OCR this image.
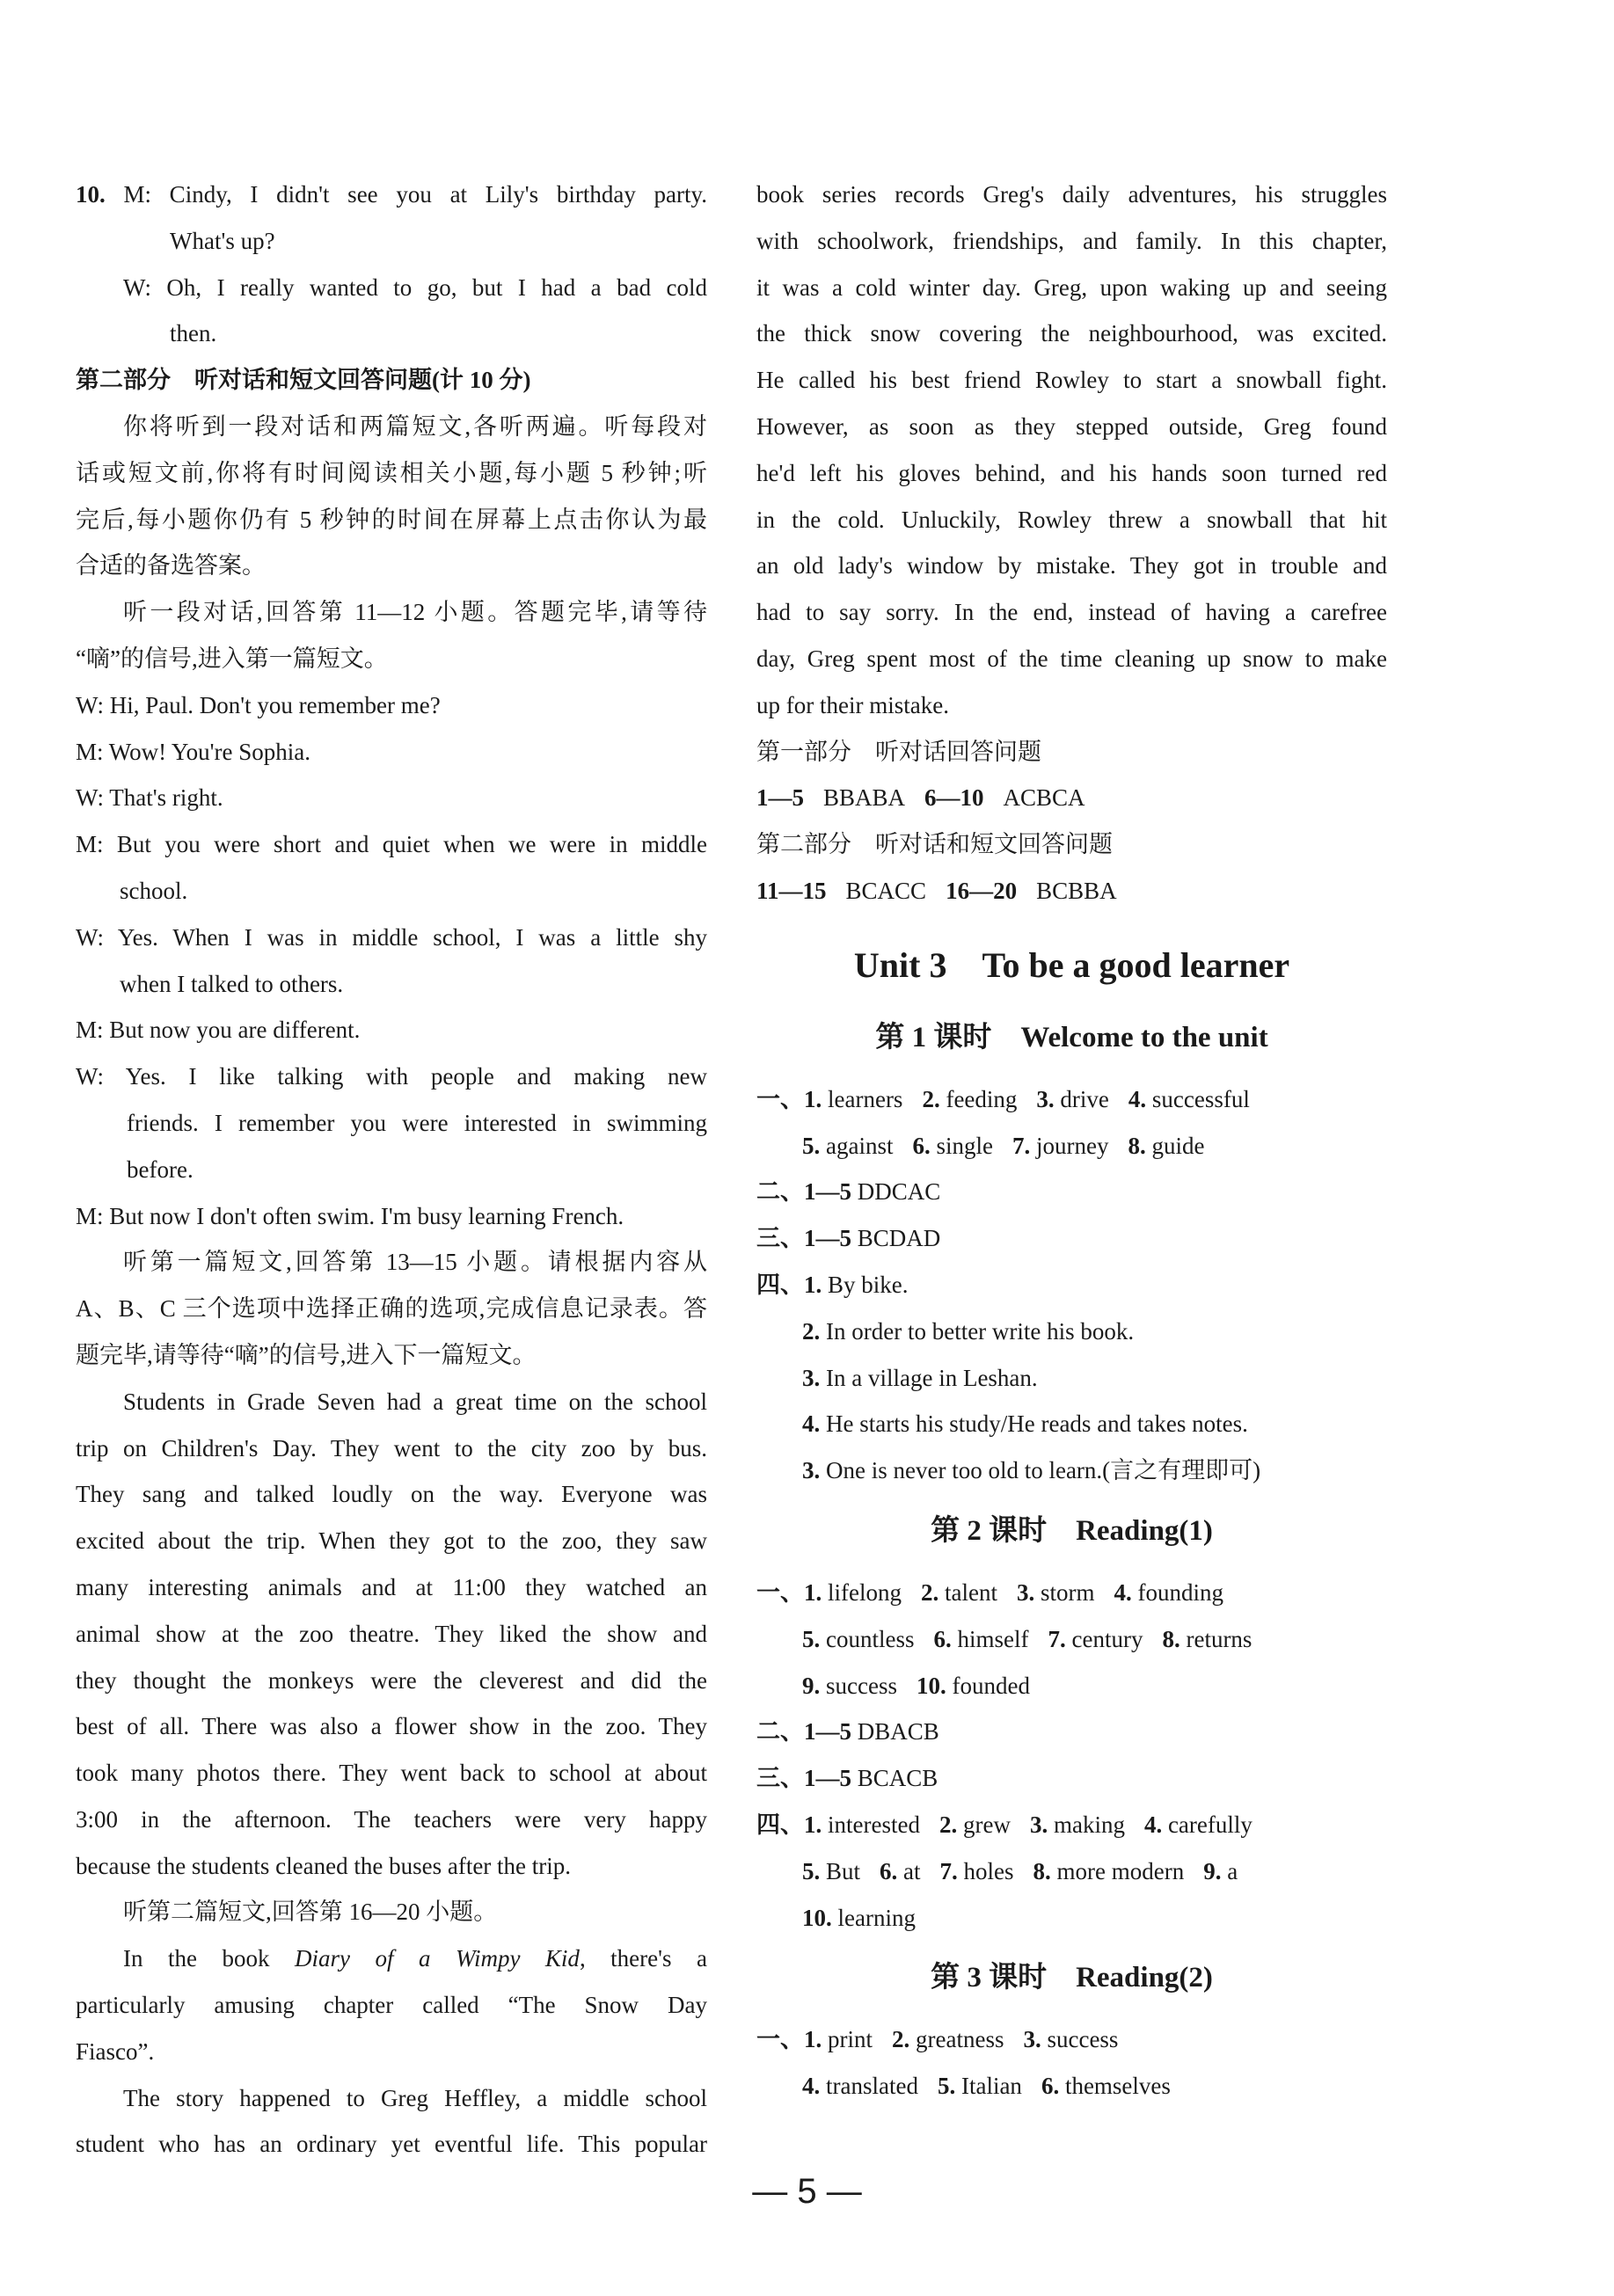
10. M: Cindy, I didn't see you at Lily's birthday party.

What's up?

W: Oh, I really wanted to go, but I had a bad cold

then.

第二部分　听对话和短文回答问题(计 10 分)

你将听到一段对话和两篇短文,各听两遍。听每段对

话或短文前,你将有时间阅读相关小题,每小题 5 秒钟;听

完后,每小题你仍有 5 秒钟的时间在屏幕上点击你认为最

合适的备选答案。

听一段对话,回答第 11—12 小题。答题完毕,请等待

“嘀”的信号,进入第一篇短文。

W: Hi, Paul. Don't you remember me?

M: Wow! You're Sophia.

W: That's right.

M: But you were short and quiet when we were in middle

school.

W: Yes. When I was in middle school, I was a little shy

when I talked to others.

M: But now you are different.

W: Yes. I like talking with people and making new

friends. I remember you were interested in swimming

before.

M: But now I don't often swim. I'm busy learning French.

听第一篇短文,回答第 13—15 小题。请根据内容从

A、B、C 三个选项中选择正确的选项,完成信息记录表。答

题完毕,请等待“嘀”的信号,进入下一篇短文。

Students in Grade Seven had a great time on the school

trip on Children's Day. They went to the city zoo by bus.

They sang and talked loudly on the way. Everyone was

excited about the trip. When they got to the zoo, they saw

many interesting animals and at 11:00 they watched an

animal show at the zoo theatre. They liked the show and

they thought the monkeys were the cleverest and did the

best of all. There was also a flower show in the zoo. They

took many photos there. They went back to school at about

3:00 in the afternoon. The teachers were very happy

because the students cleaned the buses after the trip.

听第二篇短文,回答第 16—20 小题。

In the book Diary of a Wimpy Kid, there's a

particularly amusing chapter called “The Snow Day

Fiasco”.

The story happened to Greg Heffley, a middle school

student who has an ordinary yet eventful life. This popular

book series records Greg's daily adventures, his struggles

with schoolwork, friendships, and family. In this chapter,

it was a cold winter day. Greg, upon waking up and seeing

the thick snow covering the neighbourhood, was excited.

He called his best friend Rowley to start a snowball fight.

However, as soon as they stepped outside, Greg found

he'd left his gloves behind, and his hands soon turned red

in the cold. Unluckily, Rowley threw a snowball that hit

an old lady's window by mistake. They got in trouble and

had to say sorry. In the end, instead of having a carefree

day, Greg spent most of the time cleaning up snow to make

up for their mistake.

第一部分　听对话回答问题

1—5 BBABA 6—10 ACBCA

第二部分　听对话和短文回答问题

11—15 BCACC 16—20 BCBBA

Unit 3　To be a good learner
第 1 课时　Welcome to the unit

一、1. learners 2. feeding 3. drive 4. successful

5. against 6. single 7. journey 8. guide

二、1—5 DDCAC

三、1—5 BCDAD

四、1. By bike.

2. In order to better write his book.

3. In a village in Leshan.

4. He starts his study/He reads and takes notes.

3. One is never too old to learn.(言之有理即可)

第 2 课时　Reading(1)

一、1. lifelong 2. talent 3. storm 4. founding

5. countless 6. himself 7. century 8. returns

9. success 10. founded

二、1—5 DBACB

三、1—5 BCACB

四、1. interested 2. grew 3. making 4. carefully

5. But 6. at 7. holes 8. more modern 9. a

10. learning

第 3 课时　Reading(2)

一、1. print 2. greatness 3. success

4. translated 5. Italian 6. themselves

— 5 —
